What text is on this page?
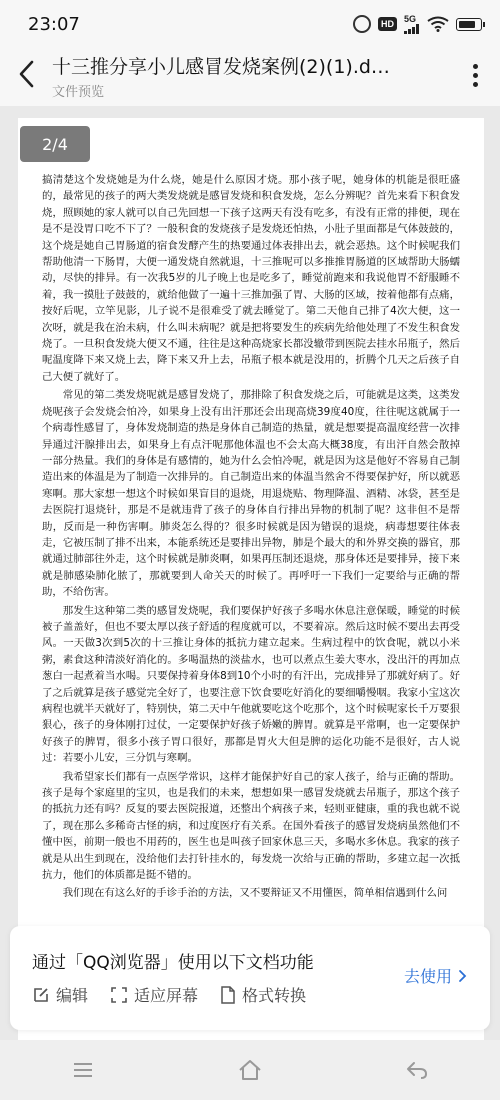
23:07	HD
5G
十三推分享小儿感冒发烧案例(2)(1).d…
文件预览
2/4

搞清楚这个发烧她是为什么烧，她是什么原因才烧。那小孩子呢，她身体的机能是很旺盛的，最常见的孩子的两大类发烧就是感冒发烧和积食发烧，怎么分辨呢？首先来看下积食发烧，照顾她的家人就可以自己先回想一下孩子这两天有没有吃多，有没有正常的排便，现在是不是没胃口吃不下了？一般积食的发烧孩子是发烧还怕热，小肚子里面都是气体鼓鼓的，这个烧是她自己胃肠道的宿食发酵产生的热要通过体表排出去，就会恶热。这个时候呢我们帮助他清一下肠胃，大便一通发烧自然就退，十三推呢可以多推推胃肠道的区域帮助大肠蠕动，尽快的排异。有一次我5岁的儿子晚上也是吃多了，睡觉前跑来和我说他胃不舒服睡不着，我一摸肚子鼓鼓的，就给他做了一遍十三推加强了胃、大肠的区域，按着他都有点痛，按好后呢，立竿见影，儿子说不是很难受了就去睡觉了。第二天他自己排了4次大便，这一次呀，就是我在治未病，什么叫未病呢？就是把将要发生的疾病先给他处理了不发生积食发烧了。一旦积食发烧大便又不通，往往是这种高烧家长都没辙带到医院去挂水吊瓶子，然后呢温度降下来又烧上去，降下来又升上去，吊瓶子根本就是没用的，折腾个几天之后孩子自己大便了就好了。

常见的第二类发烧呢就是感冒发烧了，那排除了积食发烧之后，可能就是这类，这类发烧呢孩子会发烧会怕冷，如果身上没有出汗那还会出现高烧39度40度，往往呢这就属于一个病毒性感冒了，身体发烧制造的热是身体自己制造的热量，就是想要提高温度经营一次排异通过汗腺排出去，如果身上有点汗呢那他体温也不会太高大概38度，有出汗自然会散掉一部分热量。我们的身体是有感情的，她为什么会怕冷呢，就是因为这是他好不容易自己制造出来的体温是为了制造一次排异的。自己制造出来的体温当然舍不得要保护好，所以就恶寒啊。那大家想一想这个时候如果盲目的退烧，用退烧贴、物理降温、酒精、冰袋，甚至是去医院打退烧针，那是不是就违背了孩子的身体自行排出异物的机制了呢？这非但不是帮助，反而是一种伤害啊。肺炎怎么得的？很多时候就是因为错误的退烧，病毒想要往体表走，它被压制了排不出来，本能系统还是要排出异物，肺是个最大的和外界交换的器官，那就通过肺部往外走，这个时候就是肺炎啊，如果再压制还退烧，那身体还是要排异，接下来就是肺感染肺化脓了，那就要到人命关天的时候了。再呼吁一下我们一定要给与正确的帮助，不给伤害。

那发生这种第二类的感冒发烧呢，我们要保护好孩子多喝水休息注意保暖，睡觉的时候被子盖盖好，但也不要太厚以孩子舒适的程度就可以，不要着凉。然后这时候不要出去再受风。一天做3次到5次的十三推让身体的抵抗力建立起来。生病过程中的饮食呢，就以小米粥，素食这种清淡好消化的。多喝温热的淡盐水，也可以煮点生姜大枣水，没出汗的再加点葱白一起煮着当水喝。只要保持着身体8到10个小时的有汗出，完成排异了那就好病了。好了之后就算是孩子感觉完全好了，也要注意下饮食要吃好消化的要细嚼慢咽。我家小宝这次病程也就半天就好了，特别快，第二天中午他就要吃这个吃那个，这个时候呢家长千万要狠狠心，孩子的身体刚打过仗，一定要保护好孩子娇嫩的脾胃。就算是平常啊，也一定要保护好孩子的脾胃，很多小孩子胃口很好，那都是胃火大但是脾的运化功能不是很好，古人说过：若要小儿安，三分饥与寒啊。

我希望家长们都有一点医学常识，这样才能保护好自己的家人孩子，给与正确的帮助。孩子是每个家庭里的宝贝，也是我们的未来，想想如果一感冒发烧就去吊瓶子，那这个孩子的抵抗力还有吗？反复的要去医院报道，还整出个病孩子来，轻则亚健康，重的我也就不说了，现在那么多稀奇古怪的病，和过度医疗有关系。在国外看孩子的感冒发烧病虽然他们不懂中医，前期一般也不用药的，医生也是叫孩子回家休息三天，多喝水多休息。我家的孩子就是从出生到现在，没给他们去打针挂水的，每发烧一次给与正确的帮助，多建立起一次抵抗力，他们的体质都是挺不错的。

我们现在有这么好的手诊手治的方法，又不要辩证又不用懂医，简单相信遇到什么问

通过「QQ浏览器」使用以下文档功能
编辑	适应屏幕	格式转换
去使用
